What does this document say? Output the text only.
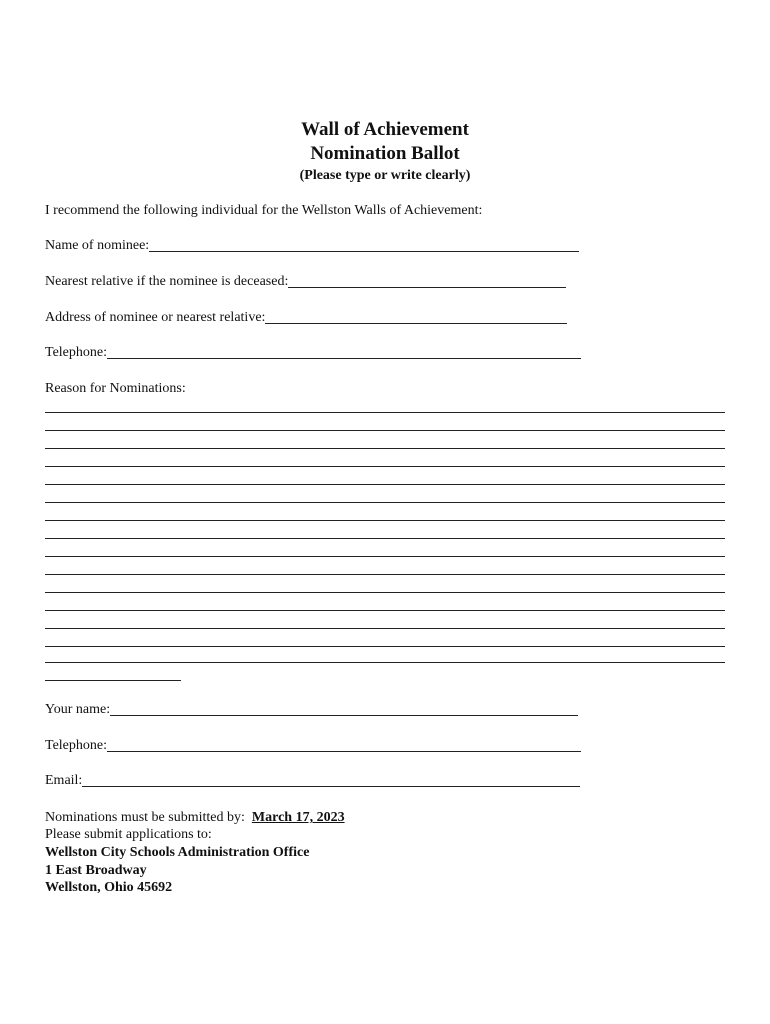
Wall of Achievement
Nomination Ballot
(Please type or write clearly)
I recommend the following individual for the Wellston Walls of Achievement:
Name of nominee:
Nearest relative if the nominee is deceased:
Address of nominee or nearest relative:
Telephone:
Reason for Nominations:
Your name:
Telephone:
Email:
Nominations must be submitted by: March 17, 2023
Please submit applications to:
Wellston City Schools Administration Office
1 East Broadway
Wellston, Ohio 45692
